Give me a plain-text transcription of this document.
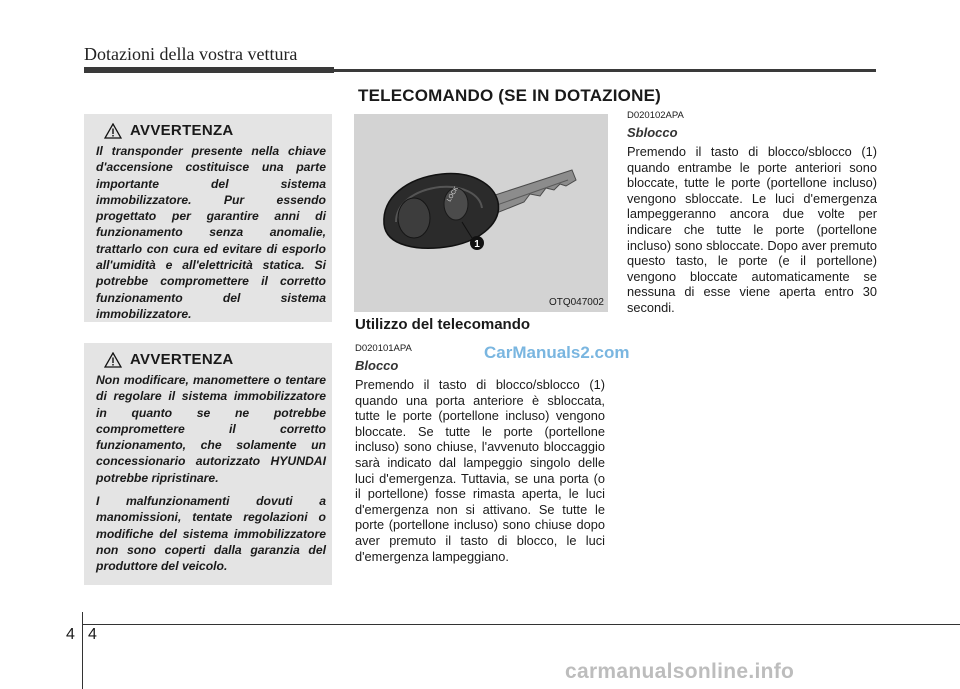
Dotazioni della vostra vettura
TELECOMANDO (SE IN DOTAZIONE)
AVVERTENZA

Il transponder presente nella chiave d'accensione costituisce una parte importante del sistema immobilizzatore. Pur essendo progettato per garantire anni di funzionamento senza anomalie, trattarlo con cura ed evitare di esporlo all'umidità e all'elettricità statica. Si potrebbe compromettere il corretto funzionamento del sistema immobilizzatore.

AVVERTENZA

Non modificare, manomettere o tentare di regolare il sistema immobilizzatore in quanto se ne potrebbe compromettere il corretto funzionamento, che solamente un concessionario autorizzato HYUNDAI potrebbe ripristinare.

I malfunzionamenti dovuti a manomissioni, tentate regolazioni o modifiche del sistema immobilizzatore non sono coperti dalla garanzia del produttore del veicolo.

LOCK
1
OTQ047002

Utilizzo del telecomando

D020101APA

Blocco

Premendo il tasto di blocco/sblocco (1) quando una porta anteriore è sbloccata, tutte le porte (portellone incluso) vengono bloccate. Se tutte le porte (portellone incluso) sono chiuse, l'avvenuto bloccaggio sarà indicato dal lampeggio singolo delle luci d'emergenza. Tuttavia, se una porta (o il portellone) fosse rimasta aperta, le luci d'emergenza non si attivano. Se tutte le porte (portellone incluso) sono chiuse dopo aver premuto il tasto di blocco, le luci d'emergenza lampeggiano.

D020102APA

Sblocco

Premendo il tasto di blocco/sblocco (1) quando entrambe le porte anteriori sono bloccate, tutte le porte (portellone incluso) vengono sbloccate. Le luci d'emergenza lampeggeranno ancora due volte per indicare che tutte le porte (portellone incluso) sono sbloccate. Dopo aver premuto questo tasto, le porte (e il portellone) vengono bloccate automaticamente se nessuna di esse viene aperta entro 30 secondi.

CarManuals2.com
4 4
carmanualsonline.info
